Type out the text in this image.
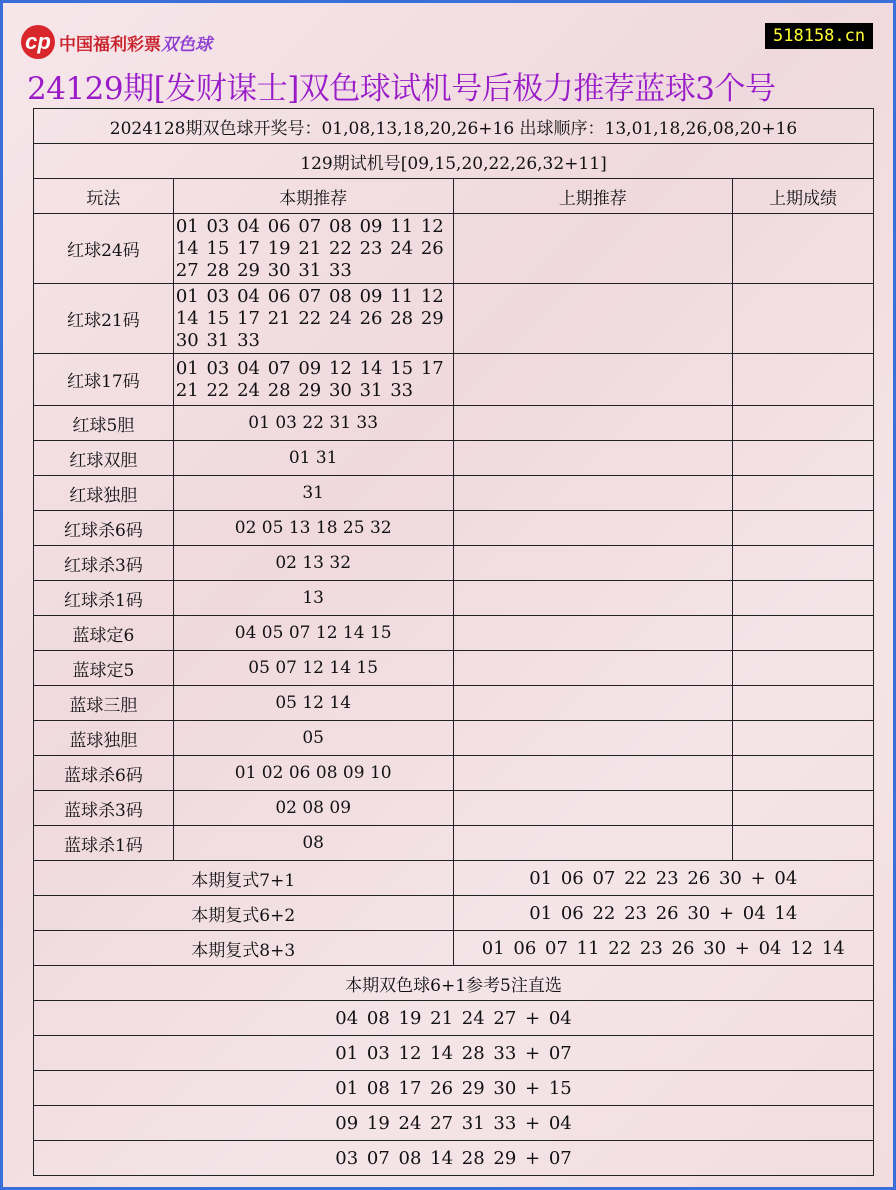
cp 中国福利彩票双色球	518158.cn
24129期[发财谋士]双色球试机号后极力推荐蓝球3个号
2024128期双色球开奖号：01,08,13,18,20,26+16 出球顺序：13,01,18,26,08,20+16			
129期试机号[09,15,20,22,26,32+11]			
玩法	本期推荐	上期推荐	上期成绩
红球24码	01 03 04 06 07 08 09 11 12 14 15 17 19 21 22 23 24 26 27 28 29 30 31 33		
红球21码	01 03 04 06 07 08 09 11 12 14 15 17 21 22 24 26 28 29 30 31 33		
红球17码	01 03 04 07 09 12 14 15 17 21 22 24 28 29 30 31 33		
红球5胆	01 03 22 31 33		
红球双胆	01 31		
红球独胆	31		
红球杀6码	02 05 13 18 25 32		
红球杀3码	02 13 32		
红球杀1码	13		
蓝球定6	04 05 07 12 14 15		
蓝球定5	05 07 12 14 15		
蓝球三胆	05 12 14		
蓝球独胆	05		
蓝球杀6码	01 02 06 08 09 10		
蓝球杀3码	02 08 09		
蓝球杀1码	08		
本期复式7+1		01 06 07 22 23 26 30 + 04	
本期复式6+2		01 06 22 23 26 30 + 04 14	
本期复式8+3		01 06 07 11 22 23 26 30 + 04 12 14	
本期双色球6+1参考5注直选			
04 08 19 21 24 27 + 04			
01 03 12 14 28 33 + 07			
01 08 17 26 29 30 + 15			
09 19 24 27 31 33 + 04			
03 07 08 14 28 29 + 07			
